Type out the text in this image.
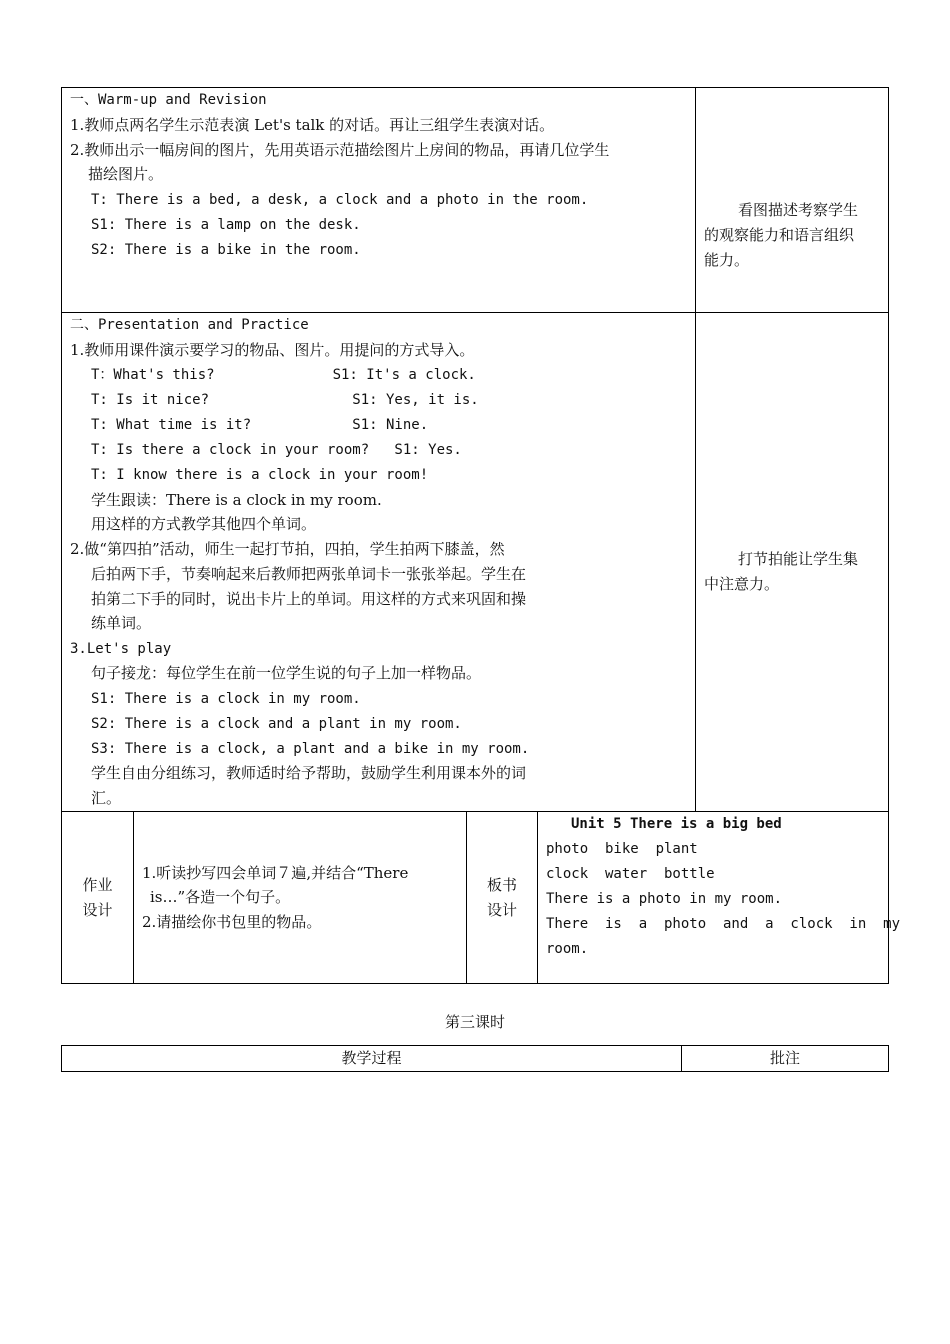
一、Warm-up and Revision
1.教师点两名学生示范表演 Let's talk 的对话。再让三组学生表演对话。
2.教师出示一幅房间的图片，先用英语示范描绘图片上房间的物品，再请几位学生
描绘图片。
T: There is a bed, a desk, a clock and a photo in the room.
S1: There is a lamp on the desk.
S2: There is a bike in the room.
看图描述考察学生
的观察能力和语言组织
能力。
二、Presentation and Practice
1.教师用课件演示要学习的物品、图片。用提问的方式导入。
T：What's this?              S1: It's a clock.
T: Is it nice?                 S1: Yes, it is.
T: What time is it?            S1: Nine.
T: Is there a clock in your room?   S1: Yes.
T: I know there is a clock in your room!
学生跟读：There is a clock in my room.
用这样的方式教学其他四个单词。
2.做“第四拍”活动，师生一起打节拍，四拍，学生拍两下膝盖，然
后拍两下手，节奏响起来后教师把两张单词卡一张张举起。学生在
拍第二下手的同时，说出卡片上的单词。用这样的方式来巩固和操
练单词。
3.Let's play
句子接龙：每位学生在前一位学生说的句子上加一样物品。
S1: There is a clock in my room.
S2: There is a clock and a plant in my room.
S3: There is a clock, a plant and a bike in my room.
学生自由分组练习，教师适时给予帮助，鼓励学生利用课本外的词
汇。
打节拍能让学生集
中注意力。
作业
设计
1.听读抄写四会单词７遍,并结合“There
is…”各造一个句子。
2.请描绘你书包里的物品。
板书
设计
Unit 5 There is a big bed
photo  bike  plant
clock  water  bottle
There is a photo in my room.
There  is  a  photo  and  a  clock  in  my
room.
第三课时
教学过程	批注
